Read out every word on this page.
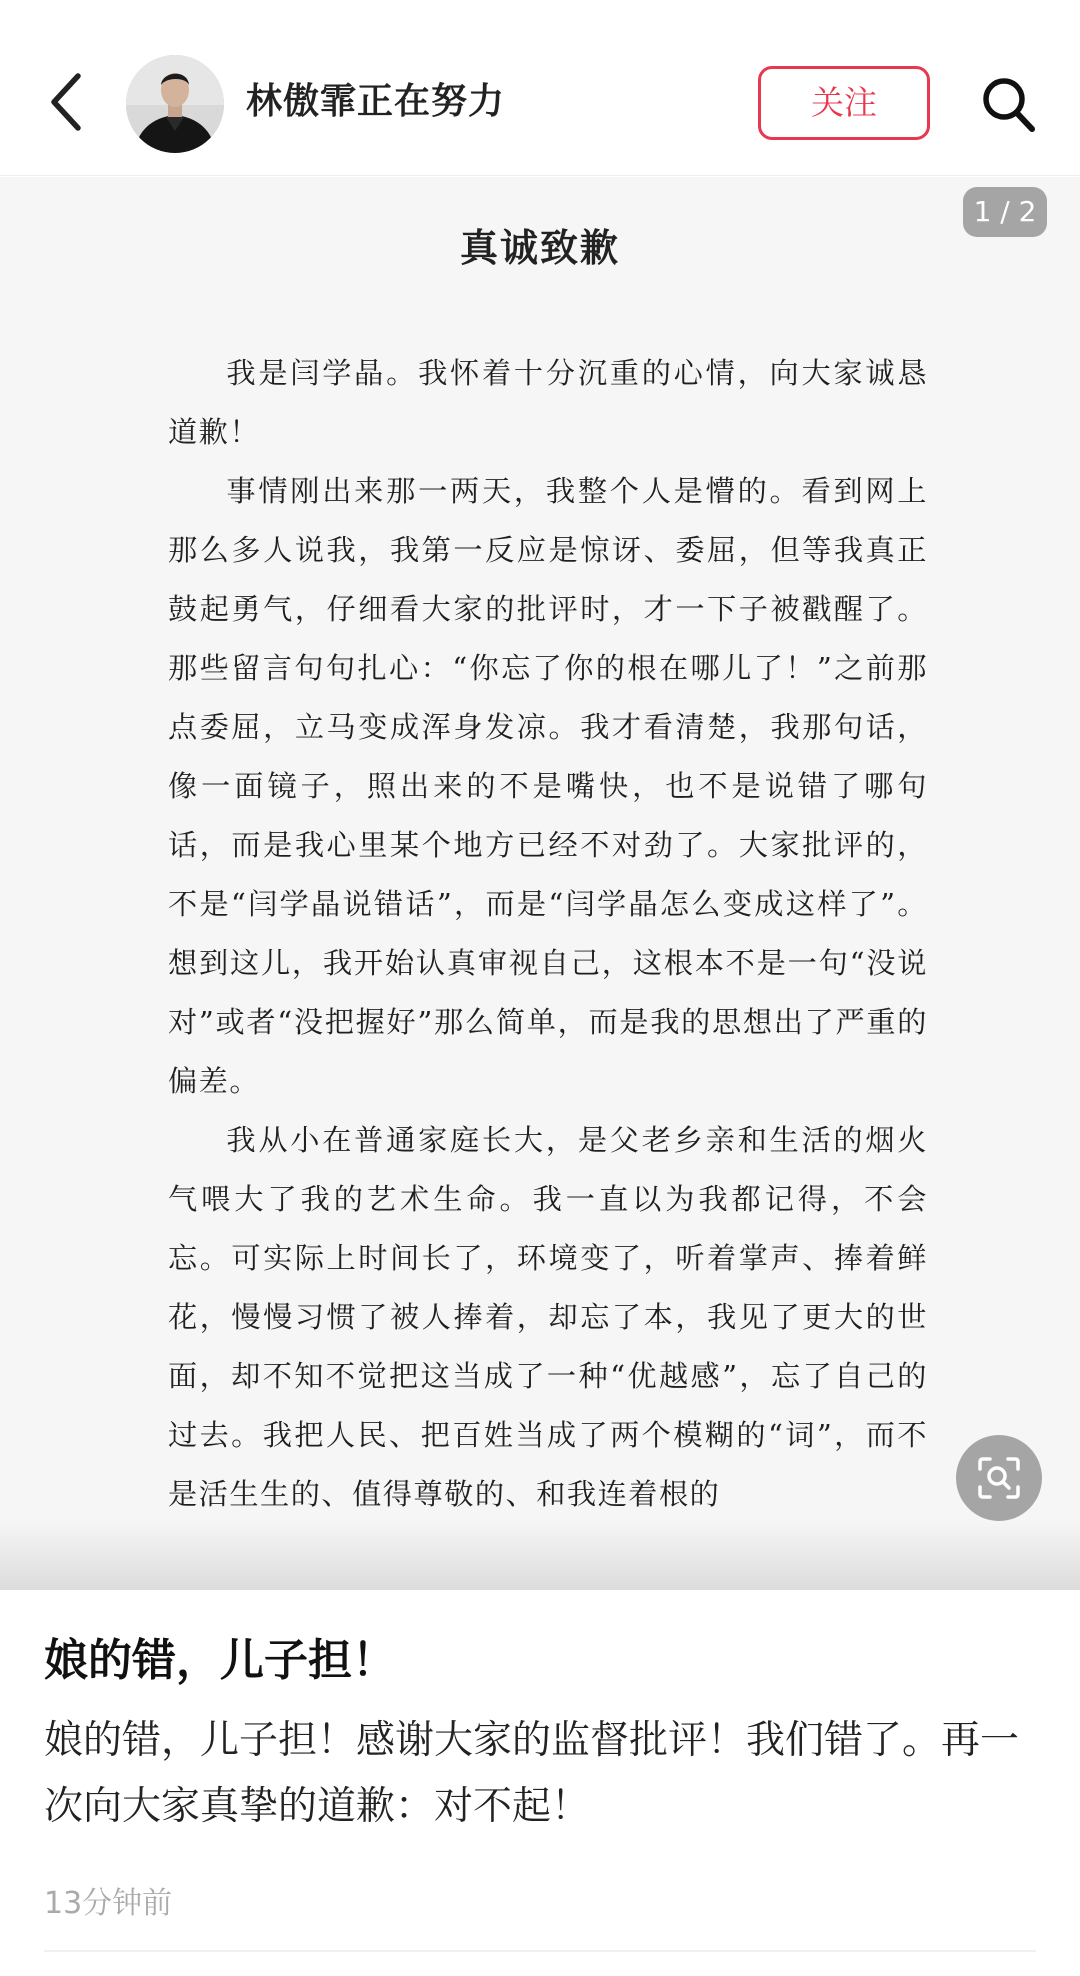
林傲霏正在努力	关注
真诚致歉

我是闫学晶。我怀着十分沉重的心情，向大家诚恳道歉！

事情刚出来那一两天，我整个人是懵的。看到网上那么多人说我，我第一反应是惊讶、委屈，但等我真正鼓起勇气，仔细看大家的批评时，才一下子被戳醒了。那些留言句句扎心：“你忘了你的根在哪儿了！”之前那点委屈，立马变成浑身发凉。我才看清楚，我那句话，像一面镜子，照出来的不是嘴快，也不是说错了哪句话，而是我心里某个地方已经不对劲了。大家批评的，不是“闫学晶说错话”，而是“闫学晶怎么变成这样了”。想到这儿，我开始认真审视自己，这根本不是一句“没说对”或者“没把握好”那么简单，而是我的思想出了严重的偏差。

我从小在普通家庭长大，是父老乡亲和生活的烟火气喂大了我的艺术生命。我一直以为我都记得，不会忘。可实际上时间长了，环境变了，听着掌声、捧着鲜花，慢慢习惯了被人捧着，却忘了本，我见了更大的世面，却不知不觉把这当成了一种“优越感”，忘了自己的过去。我把人民、把百姓当成了两个模糊的“词”，而不是活生生的、值得尊敬的、和我连着根的

1 / 2
娘的错，儿子担！
娘的错，儿子担！感谢大家的监督批评！我们错了。再一次向大家真挚的道歉：对不起！
13分钟前
